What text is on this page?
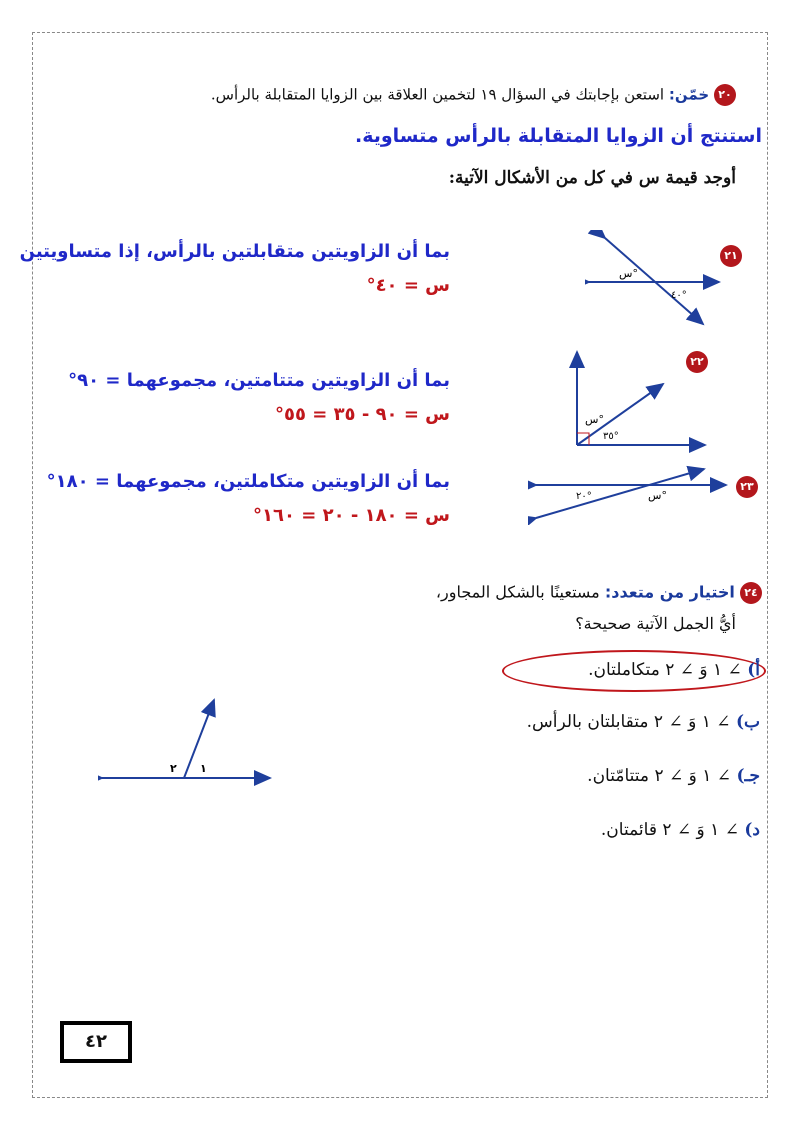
٢٠ خمّن: استعن بإجابتك في السؤال ١٩ لتخمين العلاقة بين الزوايا المتقابلة بالرأس.
استنتج أن الزوايا المتقابلة بالرأس متساوية.
أوجد قيمة س في كل من الأشكال الآتية:
٢١
س°
٤٠°
بما أن الزاويتين متقابلتين بالرأس، إذا متساويتين
س = ٤٠°
٢٢
س°
٣٥°
بما أن الزاويتين متتامتين، مجموعهما = ٩٠°
س = ٩٠ - ٣٥ = ٥٥°
٢٣
٢٠°	س°
بما أن الزاويتين متكاملتين، مجموعهما = ١٨٠°
س = ١٨٠ - ٢٠ = ١٦٠°
٢٤ اختيار من متعدد: مستعينًا بالشكل المجاور،
أيُّ الجمل الآتية صحيحة؟
أ) ∠ ١ وَ ∠ ٢ متكاملتان.
ب) ∠ ١ وَ ∠ ٢ متقابلتان بالرأس.
جـ) ∠ ١ وَ ∠ ٢ متتامّتان.
د) ∠ ١ وَ ∠ ٢ قائمتان.
٢ ١
٤٢
